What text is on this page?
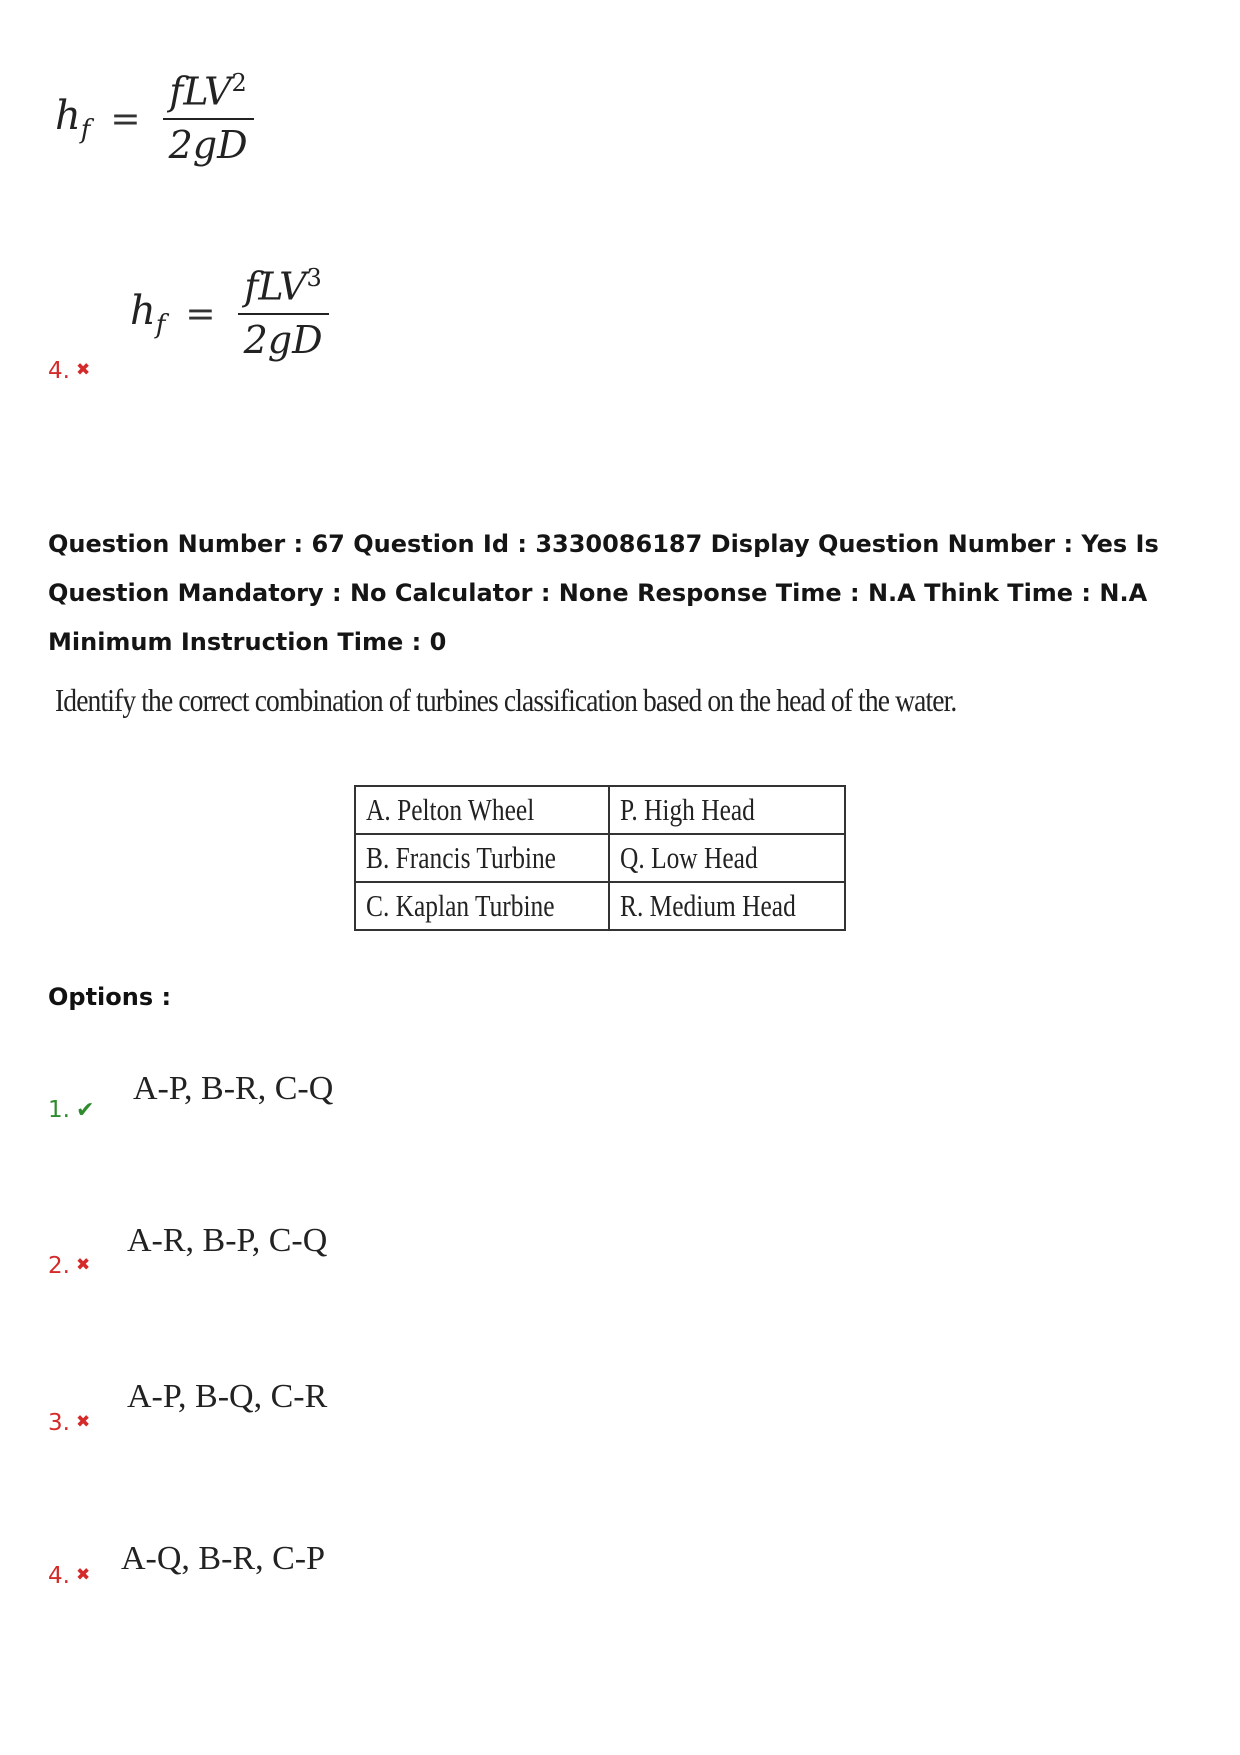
$h_f = \frac{fLV^2}{2gD}$
$h_f = \frac{fLV^3}{2gD}$
4. ✖
Question Number : 67 Question Id : 3330086187 Display Question Number : Yes Is Question Mandatory : No Calculator : None Response Time : N.A Think Time : N.A Minimum Instruction Time : 0
Identify the correct combination of turbines classification based on the head of the water.
A. Pelton Wheel	P. High Head
B. Francis Turbine	Q. Low Head
C. Kaplan Turbine	R. Medium Head
Options :
1. ✔
A-P, B-R, C-Q
2. ✖
A-R, B-P, C-Q
3. ✖
A-P, B-Q, C-R
4. ✖ A-Q, B-R, C-P
